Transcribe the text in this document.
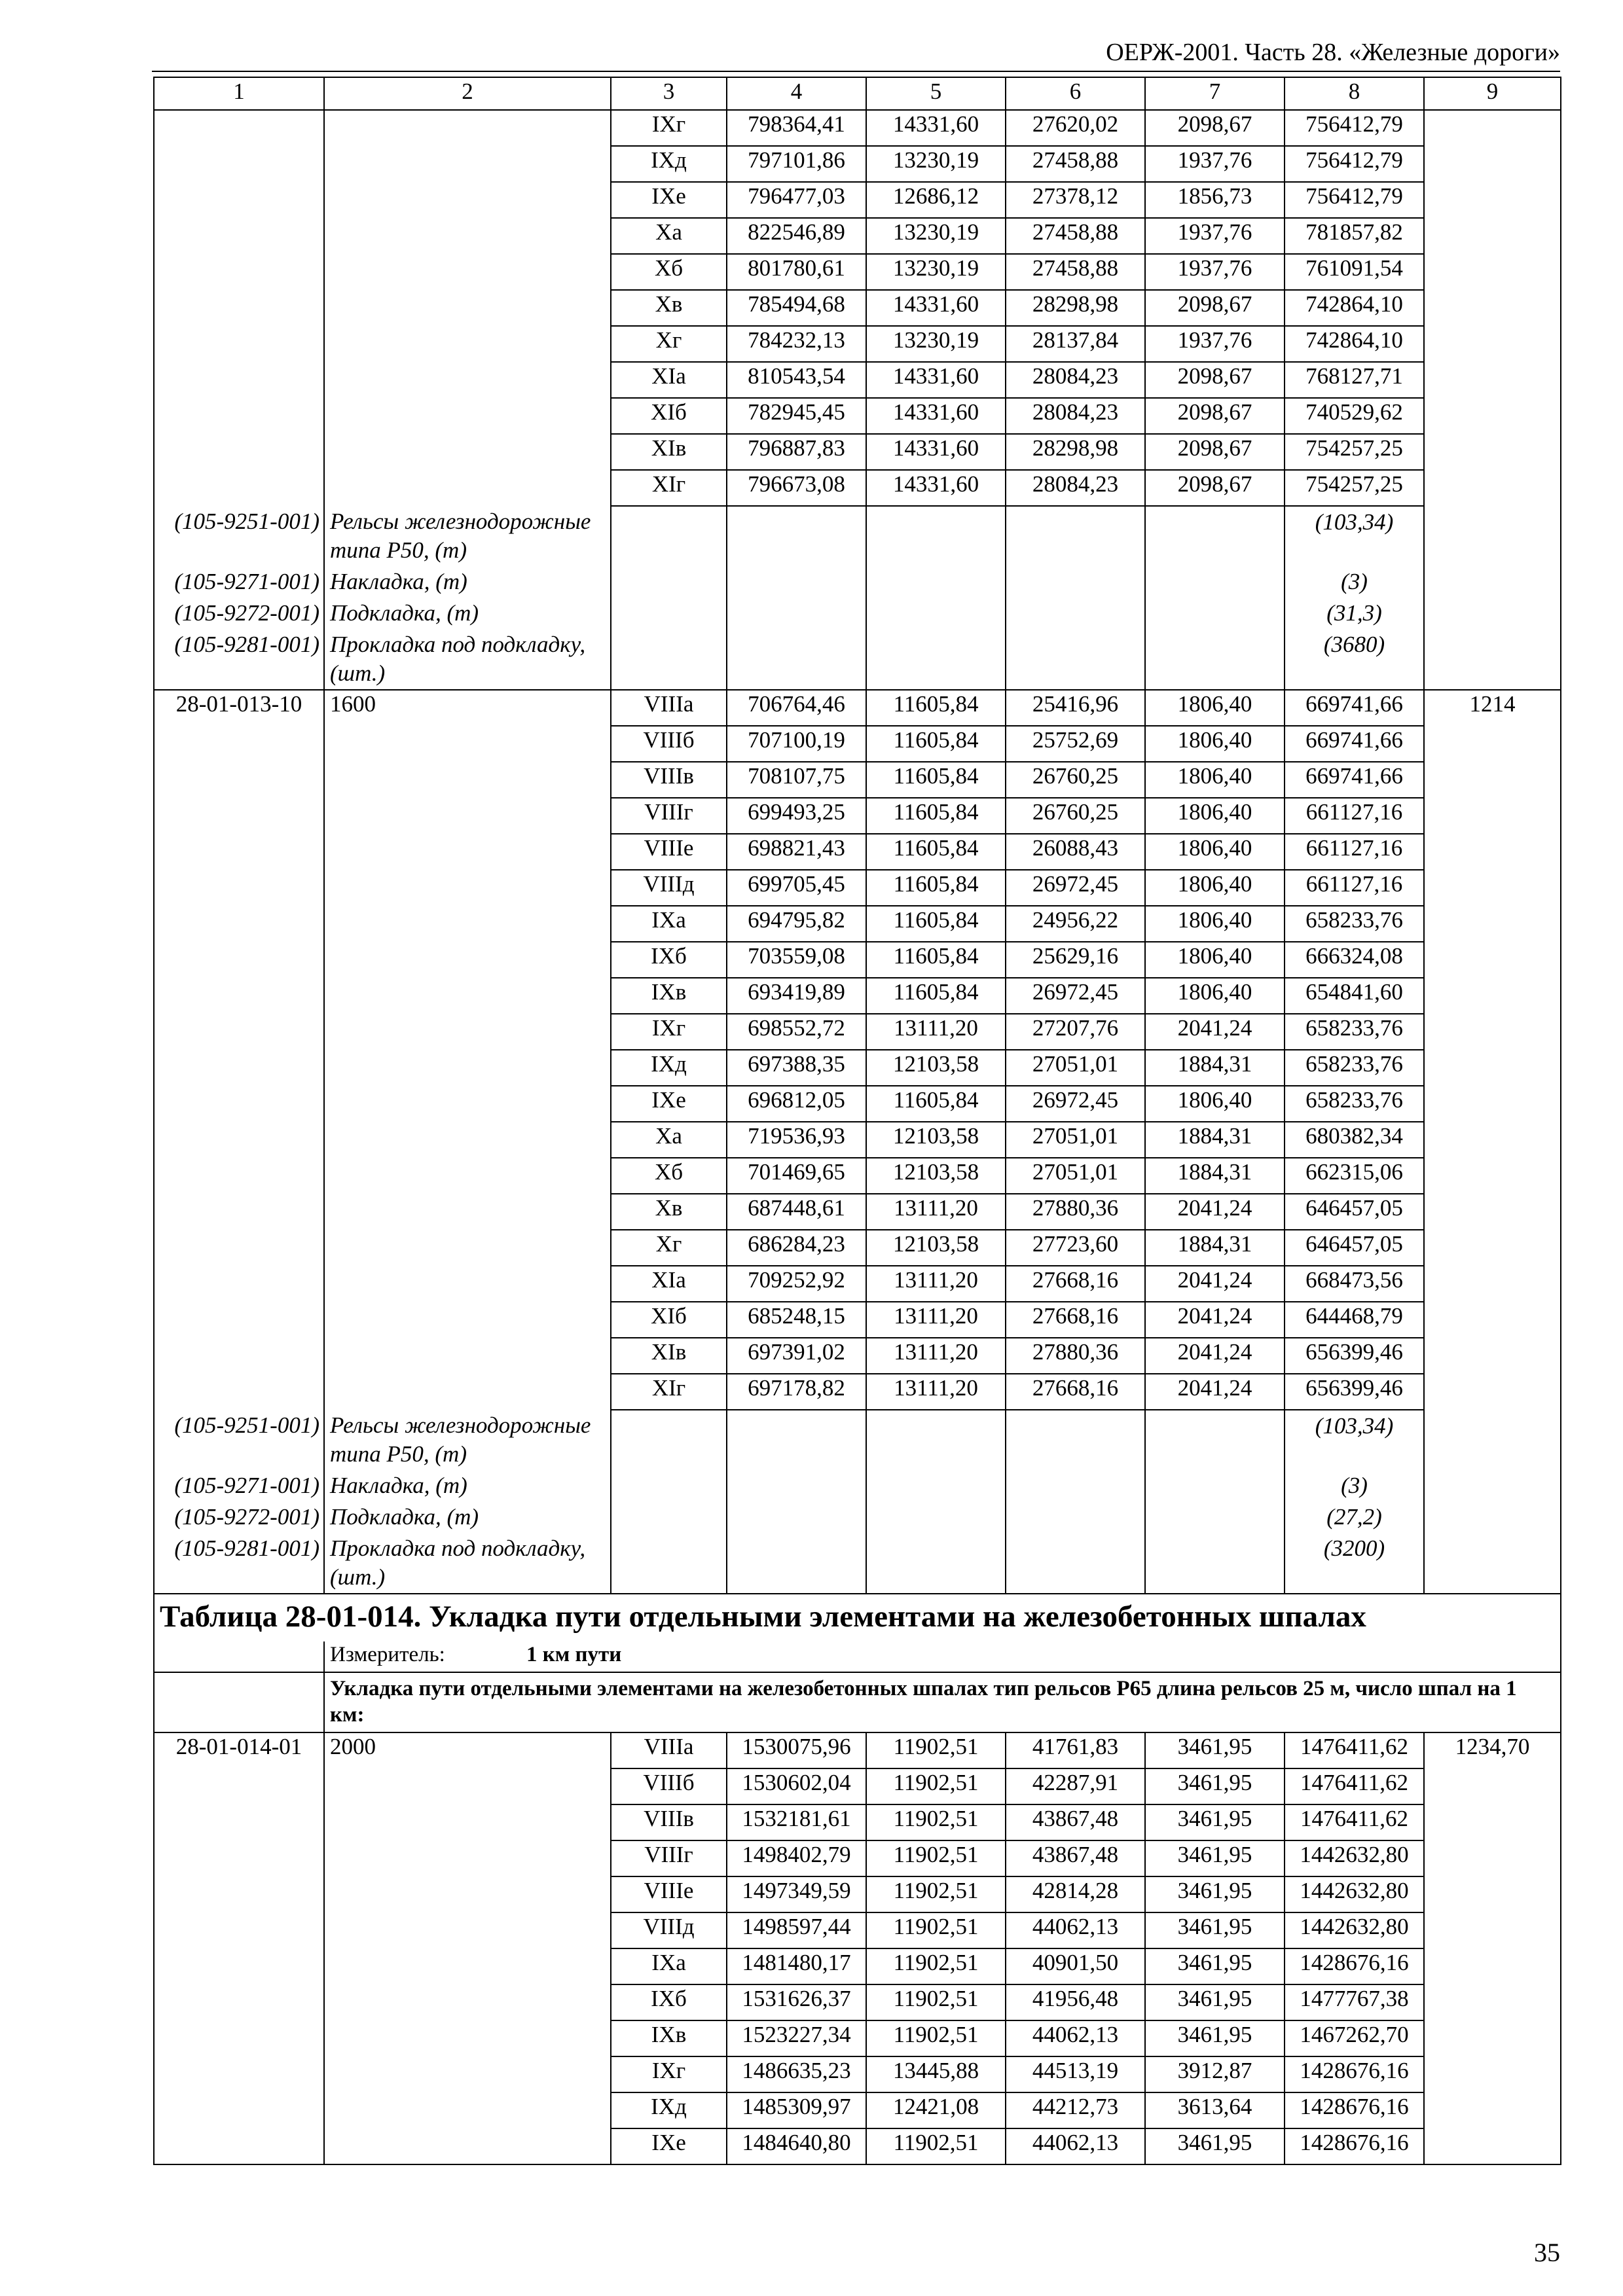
ОЕРЖ-2001. Часть 28. «Железные дороги»
1	2	3	4	5	6	7	8	9
		IXг	798364,41	14331,60	27620,02	2098,67	756412,79	
		IXд	797101,86	13230,19	27458,88	1937,76	756412,79	
		IXе	796477,03	12686,12	27378,12	1856,73	756412,79	
		Xа	822546,89	13230,19	27458,88	1937,76	781857,82	
		Xб	801780,61	13230,19	27458,88	1937,76	761091,54	
		Xв	785494,68	14331,60	28298,98	2098,67	742864,10	
		Xг	784232,13	13230,19	28137,84	1937,76	742864,10	
		XIа	810543,54	14331,60	28084,23	2098,67	768127,71	
		XIб	782945,45	14331,60	28084,23	2098,67	740529,62	
		XIв	796887,83	14331,60	28298,98	2098,67	754257,25	
		XIг	796673,08	14331,60	28084,23	2098,67	754257,25	
(105-9251-001)	Рельсы железнодорожные типа Р50, (т)						(103,34)	
(105-9271-001)	Накладка, (т)						(3)	
(105-9272-001)	Подкладка, (т)						(31,3)	
(105-9281-001)	Прокладка под подкладку, (шт.)						(3680)	
28-01-013-10	1600	VIIIа	706764,46	11605,84	25416,96	1806,40	669741,66	1214
		VIIIб	707100,19	11605,84	25752,69	1806,40	669741,66	
		VIIIв	708107,75	11605,84	26760,25	1806,40	669741,66	
		VIIIг	699493,25	11605,84	26760,25	1806,40	661127,16	
		VIIIе	698821,43	11605,84	26088,43	1806,40	661127,16	
		VIIIд	699705,45	11605,84	26972,45	1806,40	661127,16	
		IXа	694795,82	11605,84	24956,22	1806,40	658233,76	
		IXб	703559,08	11605,84	25629,16	1806,40	666324,08	
		IXв	693419,89	11605,84	26972,45	1806,40	654841,60	
		IXг	698552,72	13111,20	27207,76	2041,24	658233,76	
		IXд	697388,35	12103,58	27051,01	1884,31	658233,76	
		IXе	696812,05	11605,84	26972,45	1806,40	658233,76	
		Xа	719536,93	12103,58	27051,01	1884,31	680382,34	
		Xб	701469,65	12103,58	27051,01	1884,31	662315,06	
		Xв	687448,61	13111,20	27880,36	2041,24	646457,05	
		Xг	686284,23	12103,58	27723,60	1884,31	646457,05	
		XIа	709252,92	13111,20	27668,16	2041,24	668473,56	
		XIб	685248,15	13111,20	27668,16	2041,24	644468,79	
		XIв	697391,02	13111,20	27880,36	2041,24	656399,46	
		XIг	697178,82	13111,20	27668,16	2041,24	656399,46	
(105-9251-001)	Рельсы железнодорожные типа Р50, (т)						(103,34)	
(105-9271-001)	Накладка, (т)						(3)	
(105-9272-001)	Подкладка, (т)						(27,2)	
(105-9281-001)	Прокладка под подкладку, (шт.)						(3200)	
Таблица 28-01-014. Укладка пути отдельными элементами на железобетонных шпалах								
	Измеритель: 1 км пути							
	Укладка пути отдельными элементами на железобетонных шпалах тип рельсов Р65 длина рельсов 25 м, число шпал на 1 км:							
28-01-014-01	2000	VIIIа	1530075,96	11902,51	41761,83	3461,95	1476411,62	1234,70
		VIIIб	1530602,04	11902,51	42287,91	3461,95	1476411,62	
		VIIIв	1532181,61	11902,51	43867,48	3461,95	1476411,62	
		VIIIг	1498402,79	11902,51	43867,48	3461,95	1442632,80	
		VIIIе	1497349,59	11902,51	42814,28	3461,95	1442632,80	
		VIIIд	1498597,44	11902,51	44062,13	3461,95	1442632,80	
		IXа	1481480,17	11902,51	40901,50	3461,95	1428676,16	
		IXб	1531626,37	11902,51	41956,48	3461,95	1477767,38	
		IXв	1523227,34	11902,51	44062,13	3461,95	1467262,70	
		IXг	1486635,23	13445,88	44513,19	3912,87	1428676,16	
		IXд	1485309,97	12421,08	44212,73	3613,64	1428676,16	
		IXе	1484640,80	11902,51	44062,13	3461,95	1428676,16	
35
